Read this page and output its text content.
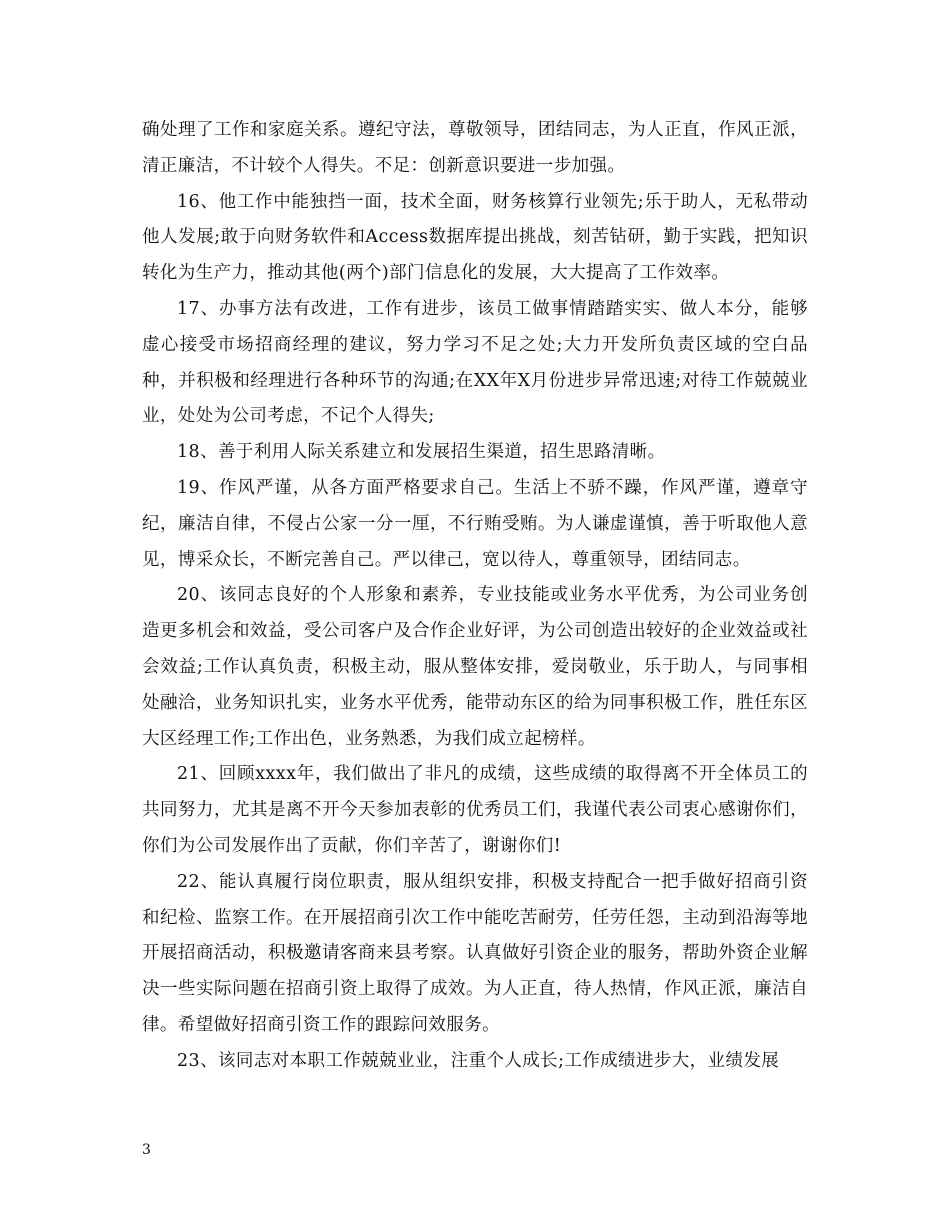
确处理了工作和家庭关系。遵纪守法，尊敬领导，团结同志，为人正直，作风正派，清正廉洁，不计较个人得失。不足：创新意识要进一步加强。

16、他工作中能独挡一面，技术全面，财务核算行业领先;乐于助人，无私带动他人发展;敢于向财务软件和Access数据库提出挑战，刻苦钻研，勤于实践，把知识转化为生产力，推动其他(两个)部门信息化的发展，大大提高了工作效率。

17、办事方法有改进，工作有进步，该员工做事情踏踏实实、做人本分，能够虚心接受市场招商经理的建议，努力学习不足之处;大力开发所负责区域的空白品种，并积极和经理进行各种环节的沟通;在XX年X月份进步异常迅速;对待工作兢兢业业，处处为公司考虑，不记个人得失;

18、善于利用人际关系建立和发展招生渠道，招生思路清晰。

19、作风严谨，从各方面严格要求自己。生活上不骄不躁，作风严谨，遵章守纪，廉洁自律，不侵占公家一分一厘，不行贿受贿。为人谦虚谨慎，善于听取他人意见，博采众长，不断完善自己。严以律己，宽以待人，尊重领导，团结同志。

20、该同志良好的个人形象和素养，专业技能或业务水平优秀，为公司业务创造更多机会和效益，受公司客户及合作企业好评，为公司创造出较好的企业效益或社会效益;工作认真负责，积极主动，服从整体安排，爱岗敬业，乐于助人，与同事相处融洽，业务知识扎实，业务水平优秀，能带动东区的给为同事积极工作，胜任东区大区经理工作;工作出色，业务熟悉，为我们成立起榜样。

21、回顾xxxx年，我们做出了非凡的成绩，这些成绩的取得离不开全体员工的共同努力，尤其是离不开今天参加表彰的优秀员工们，我谨代表公司衷心感谢你们，你们为公司发展作出了贡献，你们辛苦了，谢谢你们!

22、能认真履行岗位职责，服从组织安排，积极支持配合一把手做好招商引资和纪检、监察工作。在开展招商引次工作中能吃苦耐劳，任劳任怨，主动到沿海等地开展招商活动，积极邀请客商来县考察。认真做好引资企业的服务，帮助外资企业解决一些实际问题在招商引资上取得了成效。为人正直，待人热情，作风正派，廉洁自律。希望做好招商引资工作的跟踪问效服务。

23、该同志对本职工作兢兢业业，注重个人成长;工作成绩进步大，业绩发展

3
